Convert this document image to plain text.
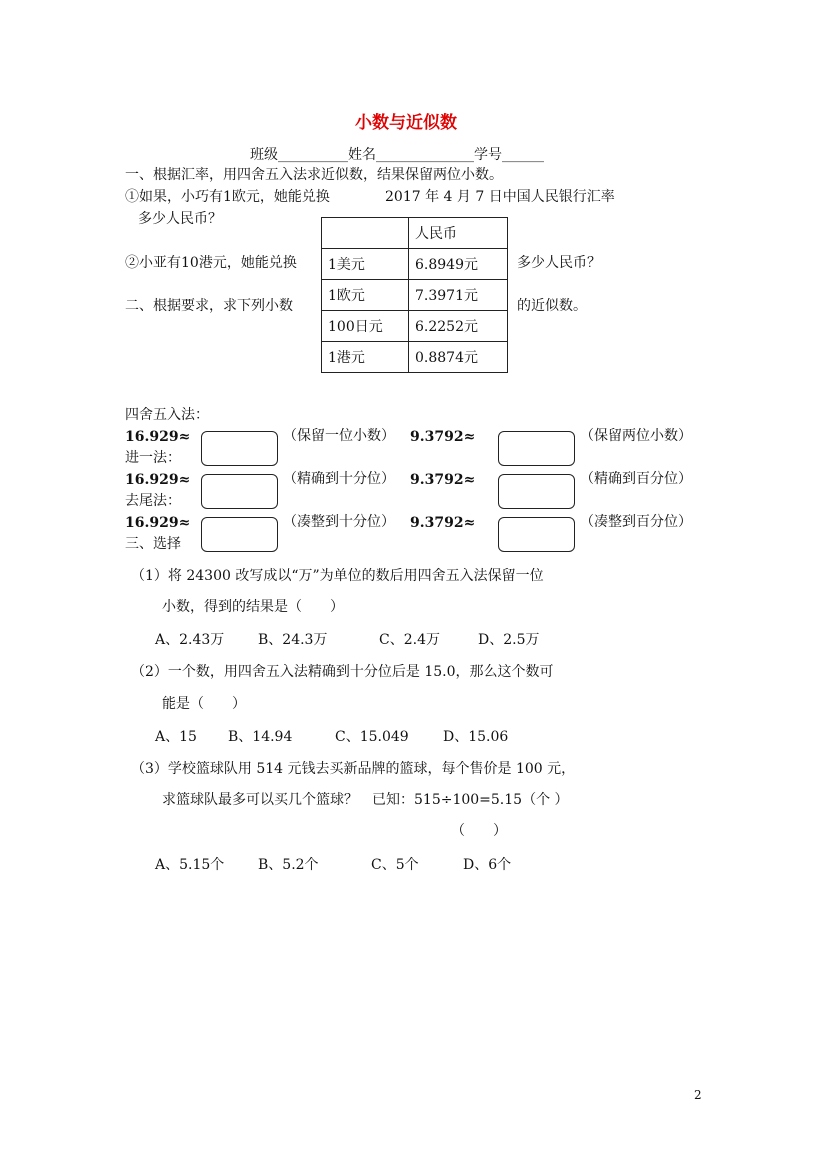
小数与近似数
班级__________姓名______________学号______
一、根据汇率，用四舍五入法求近似数，结果保留两位小数。
①如果，小巧有1欧元，她能兑换	2017 年 4 月 7 日中国人民银行汇率
多少人民币？
	人民币
1美元	6.8949元
1欧元	7.3971元
100日元	6.2252元
1港元	0.8874元
②小亚有10港元，她能兑换	多少人民币？
二、根据要求，求下列小数	的近似数。
四舍五入法：
16.929≈	（保留一位小数） 9.3792≈	（保留两位小数）
进一法：
16.929≈	（精确到十分位） 9.3792≈	（精确到百分位）
去尾法：
16.929≈	（凑整到十分位） 9.3792≈	（凑整到百分位）
三、选择
（1）将 24300 改写成以“万”为单位的数后用四舍五入法保留一位
小数，得到的结果是（　　）
A、2.43万 B、24.3万	C、2.4万	D、2.5万
（2）一个数，用四舍五入法精确到十分位后是 15.0，那么这个数可
能是（　　）
A、15 B、14.94	C、15.049 D、15.06
（3）学校篮球队用 514 元钱去买新品牌的篮球，每个售价是 100 元，
求篮球队最多可以买几个篮球？　已知：515÷100=5.15（个 ）
（　　）
A、5.15个 B、5.2个	C、5个	D、6个
2
